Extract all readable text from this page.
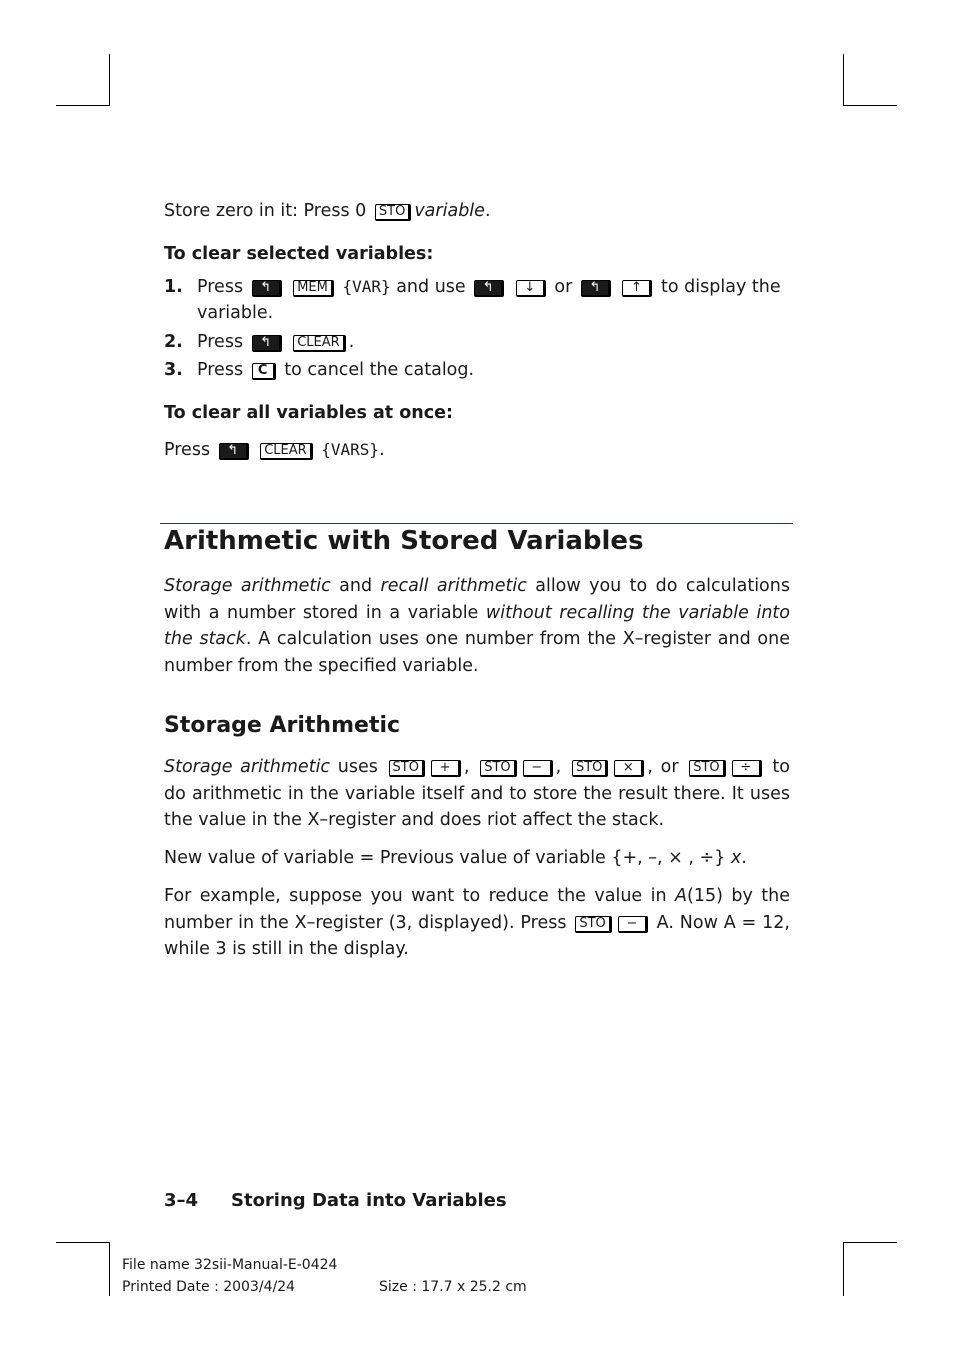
Store zero in it: Press 0 STO variable.
To clear selected variables:
1. Press ↰ MEM {VAR} and use ↰ ↓ or ↰ ↑ to display the
variable.
2. Press ↰ CLEAR .
3. Press C to cancel the catalog.
To clear all variables at once:
Press ↰ CLEAR {VARS}.
Arithmetic with Stored Variables
Storage arithmetic and recall arithmetic allow you to do calculations with a number stored in a variable without recalling the variable into the stack. A calculation uses one number from the X–register and one number from the specified variable.
Storage Arithmetic
Storage arithmetic uses STO + , STO − , STO × , or STO ÷ to do arithmetic in the variable itself and to store the result there. It uses the value in the X–register and does riot affect the stack.
New value of variable = Previous value of variable {+, –, × , ÷} x.
For example, suppose you want to reduce the value in A(15) by the number in the X–register (3, displayed). Press STO − A. Now A = 12, while 3 is still in the display.
3–4 Storing Data into Variables
File name 32sii-Manual-E-0424
Printed Date : 2003/4/24	Size : 17.7 x 25.2 cm
